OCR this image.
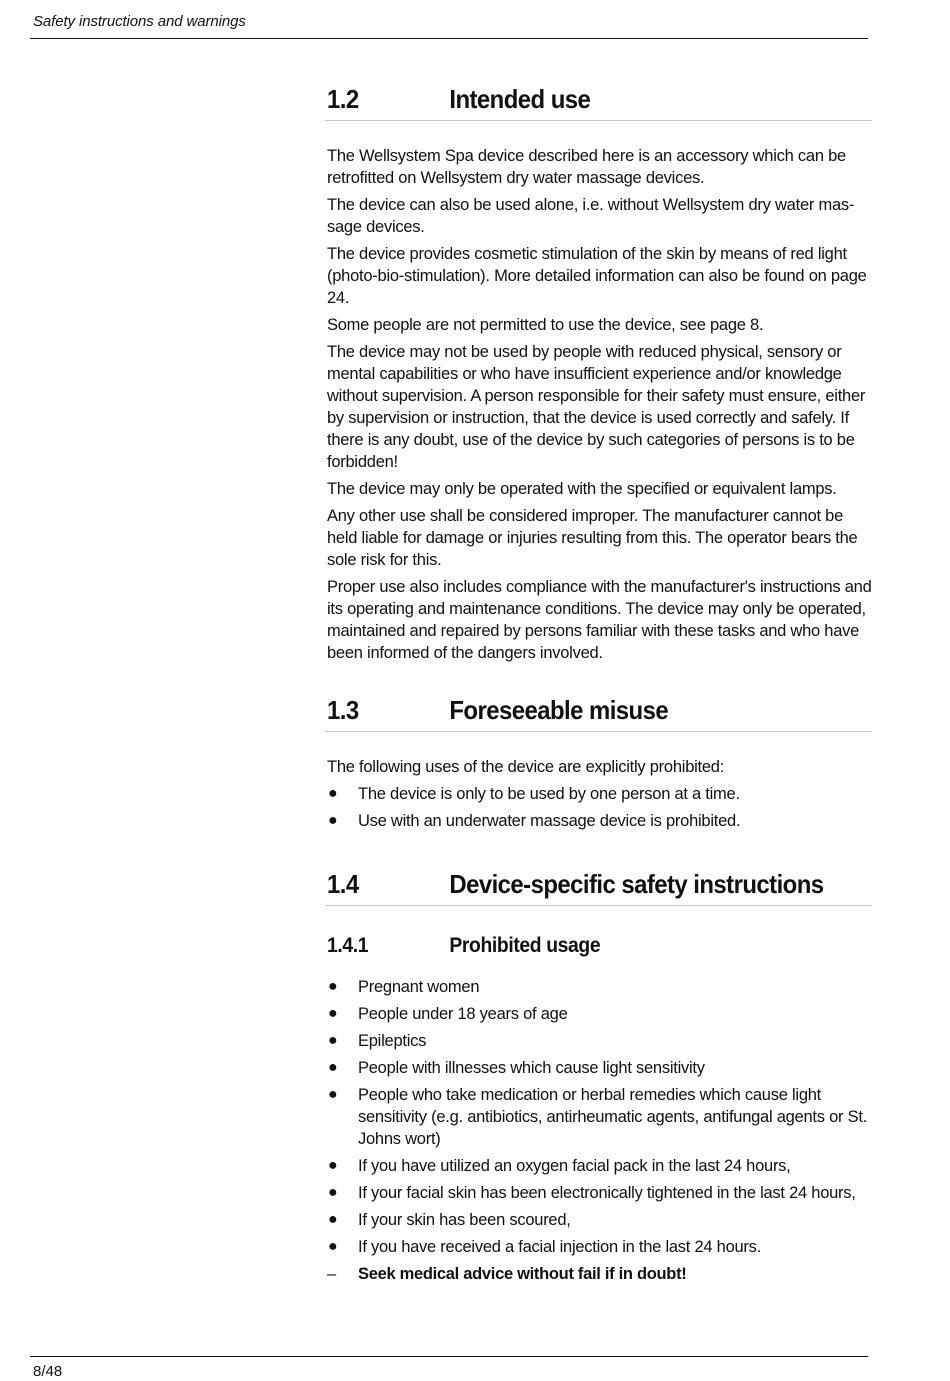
Safety instructions and warnings
1.2	Intended use

The Wellsystem Spa device described here is an accessory which can be retrofitted on Wellsystem dry water massage devices.

The device can also be used alone, i.e. without Wellsystem dry water mas-sage devices.

The device provides cosmetic stimulation of the skin by means of red light (photo-bio-stimulation). More detailed information can also be found on page 24.

Some people are not permitted to use the device, see page 8.

The device may not be used by people with reduced physical, sensory or mental capabilities or who have insufficient experience and/or knowledge without supervision. A person responsible for their safety must ensure, either by supervision or instruction, that the device is used correctly and safely. If there is any doubt, use of the device by such categories of persons is to be forbidden!

The device may only be operated with the specified or equivalent lamps.

Any other use shall be considered improper. The manufacturer cannot be held liable for damage or injuries resulting from this. The operator bears the sole risk for this.

Proper use also includes compliance with the manufacturer's instructions and its operating and maintenance conditions. The device may only be operated, maintained and repaired by persons familiar with these tasks and who have been informed of the dangers involved.

1.3	Foreseeable misuse

The following uses of the device are explicitly prohibited:

● The device is only to be used by one person at a time.
● Use with an underwater massage device is prohibited.
1.4	Device-specific safety instructions
1.4.1	Prohibited usage
● Pregnant women
● People under 18 years of age
● Epileptics
● People with illnesses which cause light sensitivity
● People who take medication or herbal remedies which cause light sensitivity (e.g. antibiotics, antirheumatic agents, antifungal agents or St. Johns wort)
● If you have utilized an oxygen facial pack in the last 24 hours,
● If your facial skin has been electronically tightened in the last 24 hours,
● If your skin has been scoured,
● If you have received a facial injection in the last 24 hours.
– Seek medical advice without fail if in doubt!
8/48
